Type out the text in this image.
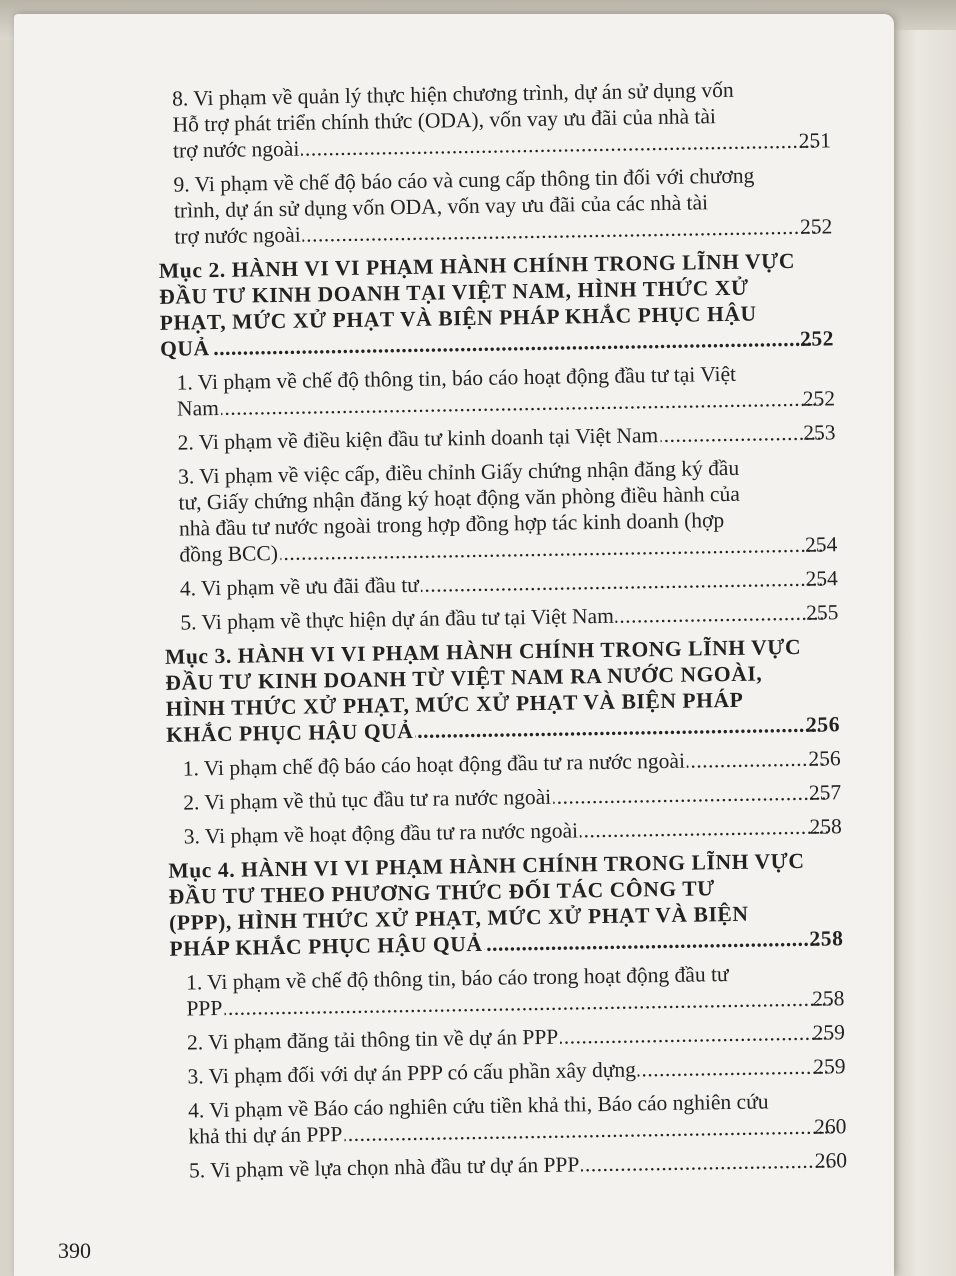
8. Vi phạm về quản lý thực hiện chương trình, dự án sử dụng vốn
Hỗ trợ phát triển chính thức (ODA), vốn vay ưu đãi của nhà tài
trợ nước ngoài .....	251
9. Vi phạm về chế độ báo cáo và cung cấp thông tin đối với chương
trình, dự án sử dụng vốn ODA, vốn vay ưu đãi của các nhà tài
trợ nước ngoài .....	252
Mục 2. HÀNH VI VI PHẠM HÀNH CHÍNH TRONG LĨNH VỰC
ĐẦU TƯ KINH DOANH TẠI VIỆT NAM, HÌNH THỨC XỬ
PHẠT, MỨC XỬ PHẠT VÀ BIỆN PHÁP KHẮC PHỤC HẬU
QUẢ .....	252
1. Vi phạm về chế độ thông tin, báo cáo hoạt động đầu tư tại Việt
Nam .....	252
2. Vi phạm về điều kiện đầu tư kinh doanh tại Việt Nam .....	253
3. Vi phạm về việc cấp, điều chỉnh Giấy chứng nhận đăng ký đầu
tư, Giấy chứng nhận đăng ký hoạt động văn phòng điều hành của
nhà đầu tư nước ngoài trong hợp đồng hợp tác kinh doanh (hợp
đồng BCC) .....	254
4. Vi phạm về ưu đãi đầu tư .....	254
5. Vi phạm về thực hiện dự án đầu tư tại Việt Nam .....	255
Mục 3. HÀNH VI VI PHẠM HÀNH CHÍNH TRONG LĨNH VỰC
ĐẦU TƯ KINH DOANH TỪ VIỆT NAM RA NƯỚC NGOÀI,
HÌNH THỨC XỬ PHẠT, MỨC XỬ PHẠT VÀ BIỆN PHÁP
KHẮC PHỤC HẬU QUẢ .....	256
1. Vi phạm chế độ báo cáo hoạt động đầu tư ra nước ngoài .....	256
2. Vi phạm về thủ tục đầu tư ra nước ngoài .....	257
3. Vi phạm về hoạt động đầu tư ra nước ngoài .....	258
Mục 4. HÀNH VI VI PHẠM HÀNH CHÍNH TRONG LĨNH VỰC
ĐẦU TƯ THEO PHƯƠNG THỨC ĐỐI TÁC CÔNG TƯ
(PPP), HÌNH THỨC XỬ PHẠT, MỨC XỬ PHẠT VÀ BIỆN
PHÁP KHẮC PHỤC HẬU QUẢ .....	258
1. Vi phạm về chế độ thông tin, báo cáo trong hoạt động đầu tư
PPP .....	258
2. Vi phạm đăng tải thông tin về dự án PPP .....	259
3. Vi phạm đối với dự án PPP có cấu phần xây dựng .....	259
4. Vi phạm về Báo cáo nghiên cứu tiền khả thi, Báo cáo nghiên cứu
khả thi dự án PPP .....	260
5. Vi phạm về lựa chọn nhà đầu tư dự án PPP .....	260
390
